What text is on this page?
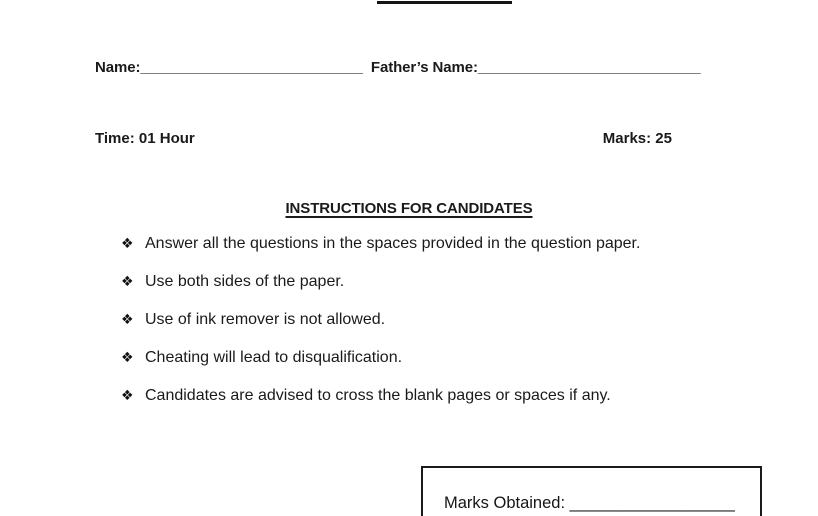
Name:___________________________ Father’s Name:___________________________
Time: 01 Hour	Marks: 25
INSTRUCTIONS FOR CANDIDATES
❖ Answer all the questions in the spaces provided in the question paper.
❖ Use both sides of the paper.
❖ Use of ink remover is not allowed.
❖ Cheating will lead to disqualification.
❖ Candidates are advised to cross the blank pages or spaces if any.
Marks Obtained: __________________
